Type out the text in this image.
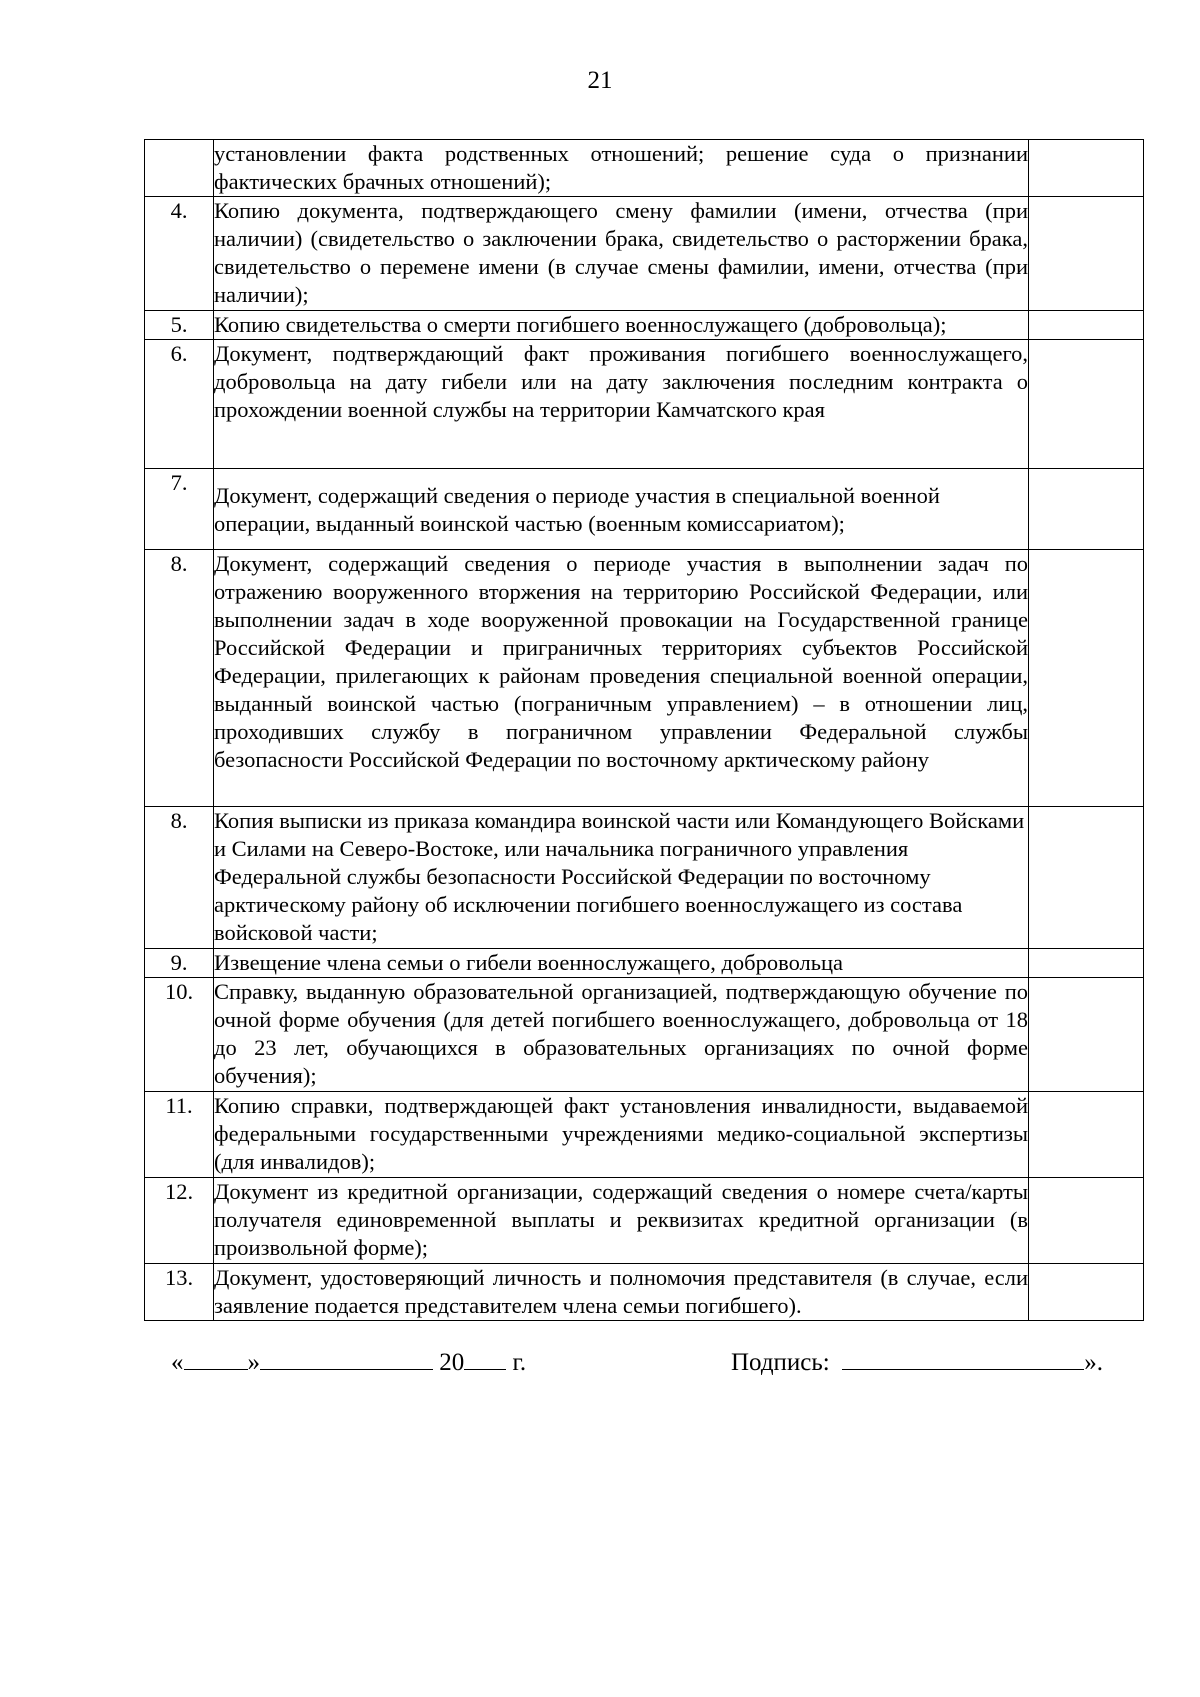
21
	установлении факта родственных отношений; решение суда о признании фактических брачных отношений);	
4.	Копию документа, подтверждающего смену фамилии (имени, отчества (при наличии) (свидетельство о заключении брака, свидетельство о расторжении брака, свидетельство о перемене имени (в случае смены фамилии, имени, отчества (при наличии);	
5.	Копию свидетельства о смерти погибшего военнослужащего (добровольца);	
6.	Документ, подтверждающий факт проживания погибшего военнослужащего, добровольца на дату гибели или на дату заключения последним контракта о прохождении военной службы на территории Камчатского края	
7.	Документ, содержащий сведения о периоде участия в специальной военной операции, выданный воинской частью (военным комиссариатом);	

8.	Документ, содержащий сведения о периоде участия в выполнении задач по отражению вооруженного вторжения на территорию Российской Федерации, или выполнении задач в ходе вооруженной провокации на Государственной границе Российской Федерации и приграничных территориях субъектов Российской Федерации, прилегающих к районам проведения специальной военной операции, выданный воинской частью (пограничным управлением) – в отношении лиц, проходивших службу в пограничном управлении Федеральной службы безопасности Российской Федерации по восточному арктическому району	
8.	Копия выписки из приказа командира воинской части или Командующего Войсками и Силами на Северо-Востоке, или начальника пограничного управления Федеральной службы безопасности Российской Федерации по восточному арктическому району об исключении погибшего военнослужащего из состава войсковой части;	
9.	Извещение члена семьи о гибели военнослужащего, добровольца	
10.	Справку, выданную образовательной организацией, подтверждающую обучение по очной форме обучения (для детей погибшего военнослужащего, добровольца от 18 до 23 лет, обучающихся в образовательных организациях по очной форме обучения);	
11.	Копию справки, подтверждающей факт установления инвалидности, выдаваемой федеральными государственными учреждениями медико-социальной экспертизы (для инвалидов);	
12.	Документ из кредитной организации, содержащий сведения о номере счета/карты получателя единовременной выплаты и реквизитах кредитной организации (в произвольной форме);	
13.	Документ, удостоверяющий личность и полномочия представителя (в случае, если заявление подается представителем члена семьи погибшего).	
«	»	20 г.	Подпись:	».
